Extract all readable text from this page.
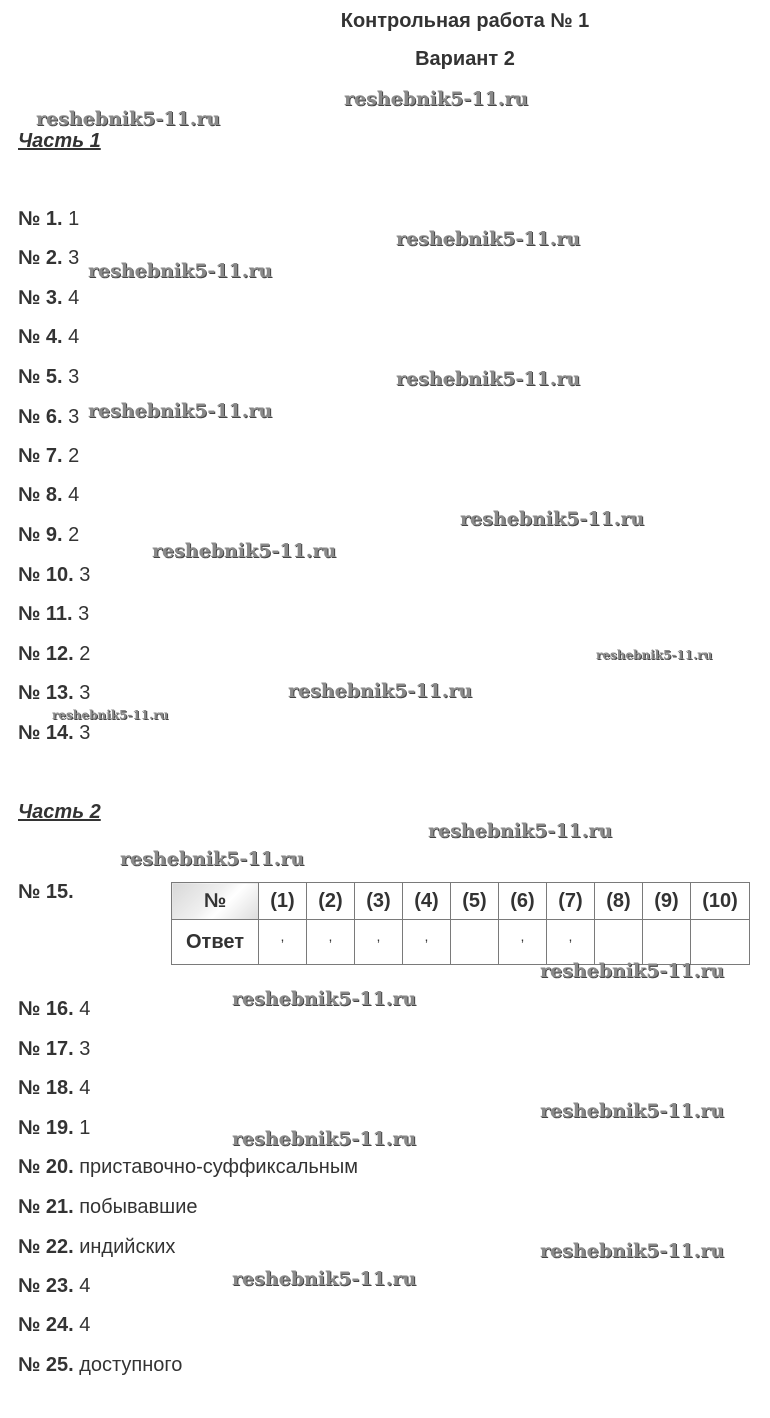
Контрольная работа № 1
Вариант 2
Часть 1
№ 1. 1
№ 2. 3
№ 3. 4
№ 4. 4
№ 5. 3
№ 6. 3
№ 7. 2
№ 8. 4
№ 9. 2
№ 10. 3
№ 11. 3
№ 12. 2
№ 13. 3
№ 14. 3
Часть 2
№ 15.	№	(1)	(2)	(3)	(4)	(5)	(6)	(7)	(8)	(9)	(10)
Ответ	,	,	,	,		,	,			
№ 16. 4
№ 17. 3
№ 18. 4
№ 19. 1
№ 20. приставочно-суффиксальным
№ 21. побывавшие
№ 22. индийских
№ 23. 4
№ 24. 4
№ 25. доступного
reshebnik5-11.ru
reshebnik5-11.ru
reshebnik5-11.ru
reshebnik5-11.ru
reshebnik5-11.ru
reshebnik5-11.ru
reshebnik5-11.ru
reshebnik5-11.ru
reshebnik5-11.ru
reshebnik5-11.ru
reshebnik5-11.ru
reshebnik5-11.ru
reshebnik5-11.ru
reshebnik5-11.ru
reshebnik5-11.ru
reshebnik5-11.ru
reshebnik5-11.ru
reshebnik5-11.ru
reshebnik5-11.ru
